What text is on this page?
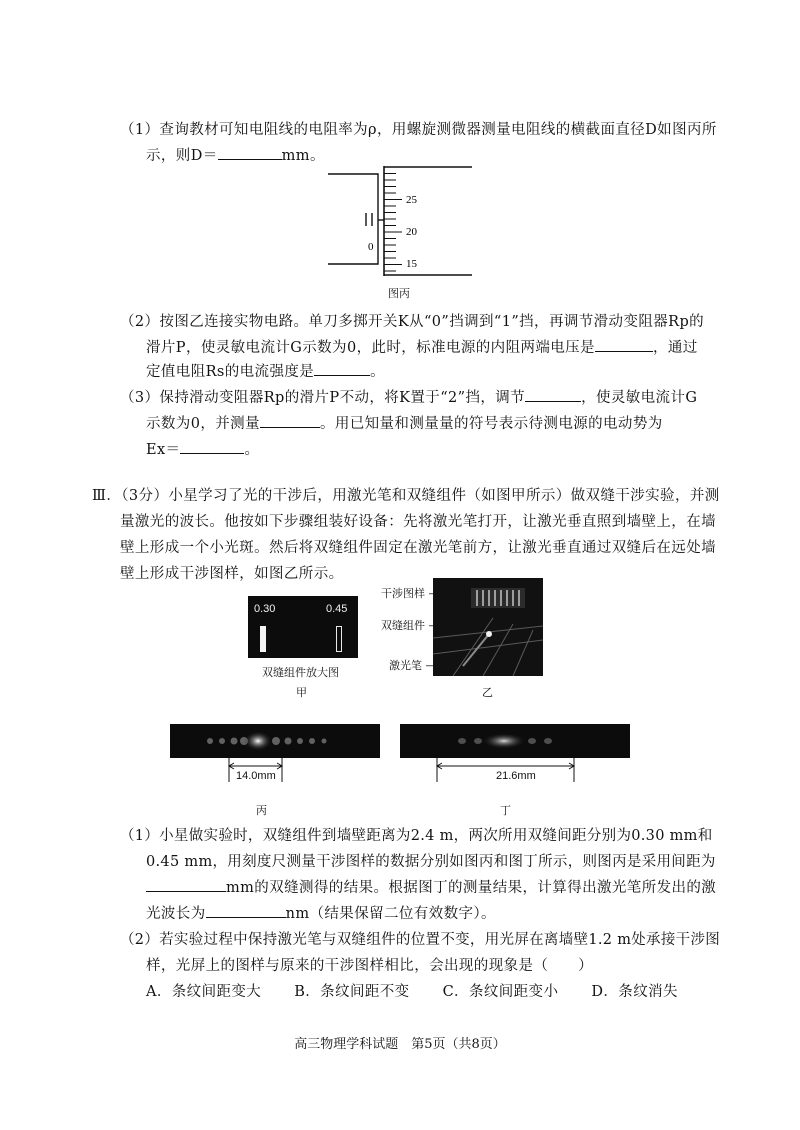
（1）查询教材可知电阻线的电阻率为ρ，用螺旋测微器测量电阻线的横截面直径D如图丙所
示，则D＝	mm。
25
20
15
0
图丙
（2）按图乙连接实物电路。单刀多掷开关K从“0”挡调到“1”挡，再调节滑动变阻器Rp的
滑片P，使灵敏电流计G示数为0，此时，标准电源的内阻两端电压是	，通过
定值电阻Rs的电流强度是	。
（3）保持滑动变阻器Rp的滑片P不动，将K置于“2”挡，调节	，使灵敏电流计G
示数为0，并测量	。用已知量和测量量的符号表示待测电源的电动势为
Ex＝	。
Ⅲ．（3分）小星学习了光的干涉后，用激光笔和双缝组件（如图甲所示）做双缝干涉实验，并测
量激光的波长。他按如下步骤组装好设备：先将激光笔打开，让激光垂直照到墙壁上，在墙
壁上形成一个小光斑。然后将双缝组件固定在激光笔前方，让激光垂直通过双缝后在远处墙
壁上形成干涉图样，如图乙所示。
0.30	0.45
双缝组件放大图
甲
干涉图样 —
双缝组件 —
激光笔 —
乙
14.0mm
丙
21.6mm
丁
（1）小星做实验时，双缝组件到墙壁距离为2.4 m，两次所用双缝间距分别为0.30 mm和
0.45 mm，用刻度尺测量干涉图样的数据分别如图丙和图丁所示，则图丙是采用间距为
mm的双缝测得的结果。根据图丁的测量结果，计算得出激光笔所发出的激
光波长为	nm（结果保留二位有效数字）。
（2）若实验过程中保持激光笔与双缝组件的位置不变，用光屏在离墙壁1.2 m处承接干涉图
样，光屏上的图样与原来的干涉图样相比，会出现的现象是（　　）
A．条纹间距变大 B．条纹间距不变 C．条纹间距变小 D．条纹消失
高三物理学科试题　第5页（共8页）
